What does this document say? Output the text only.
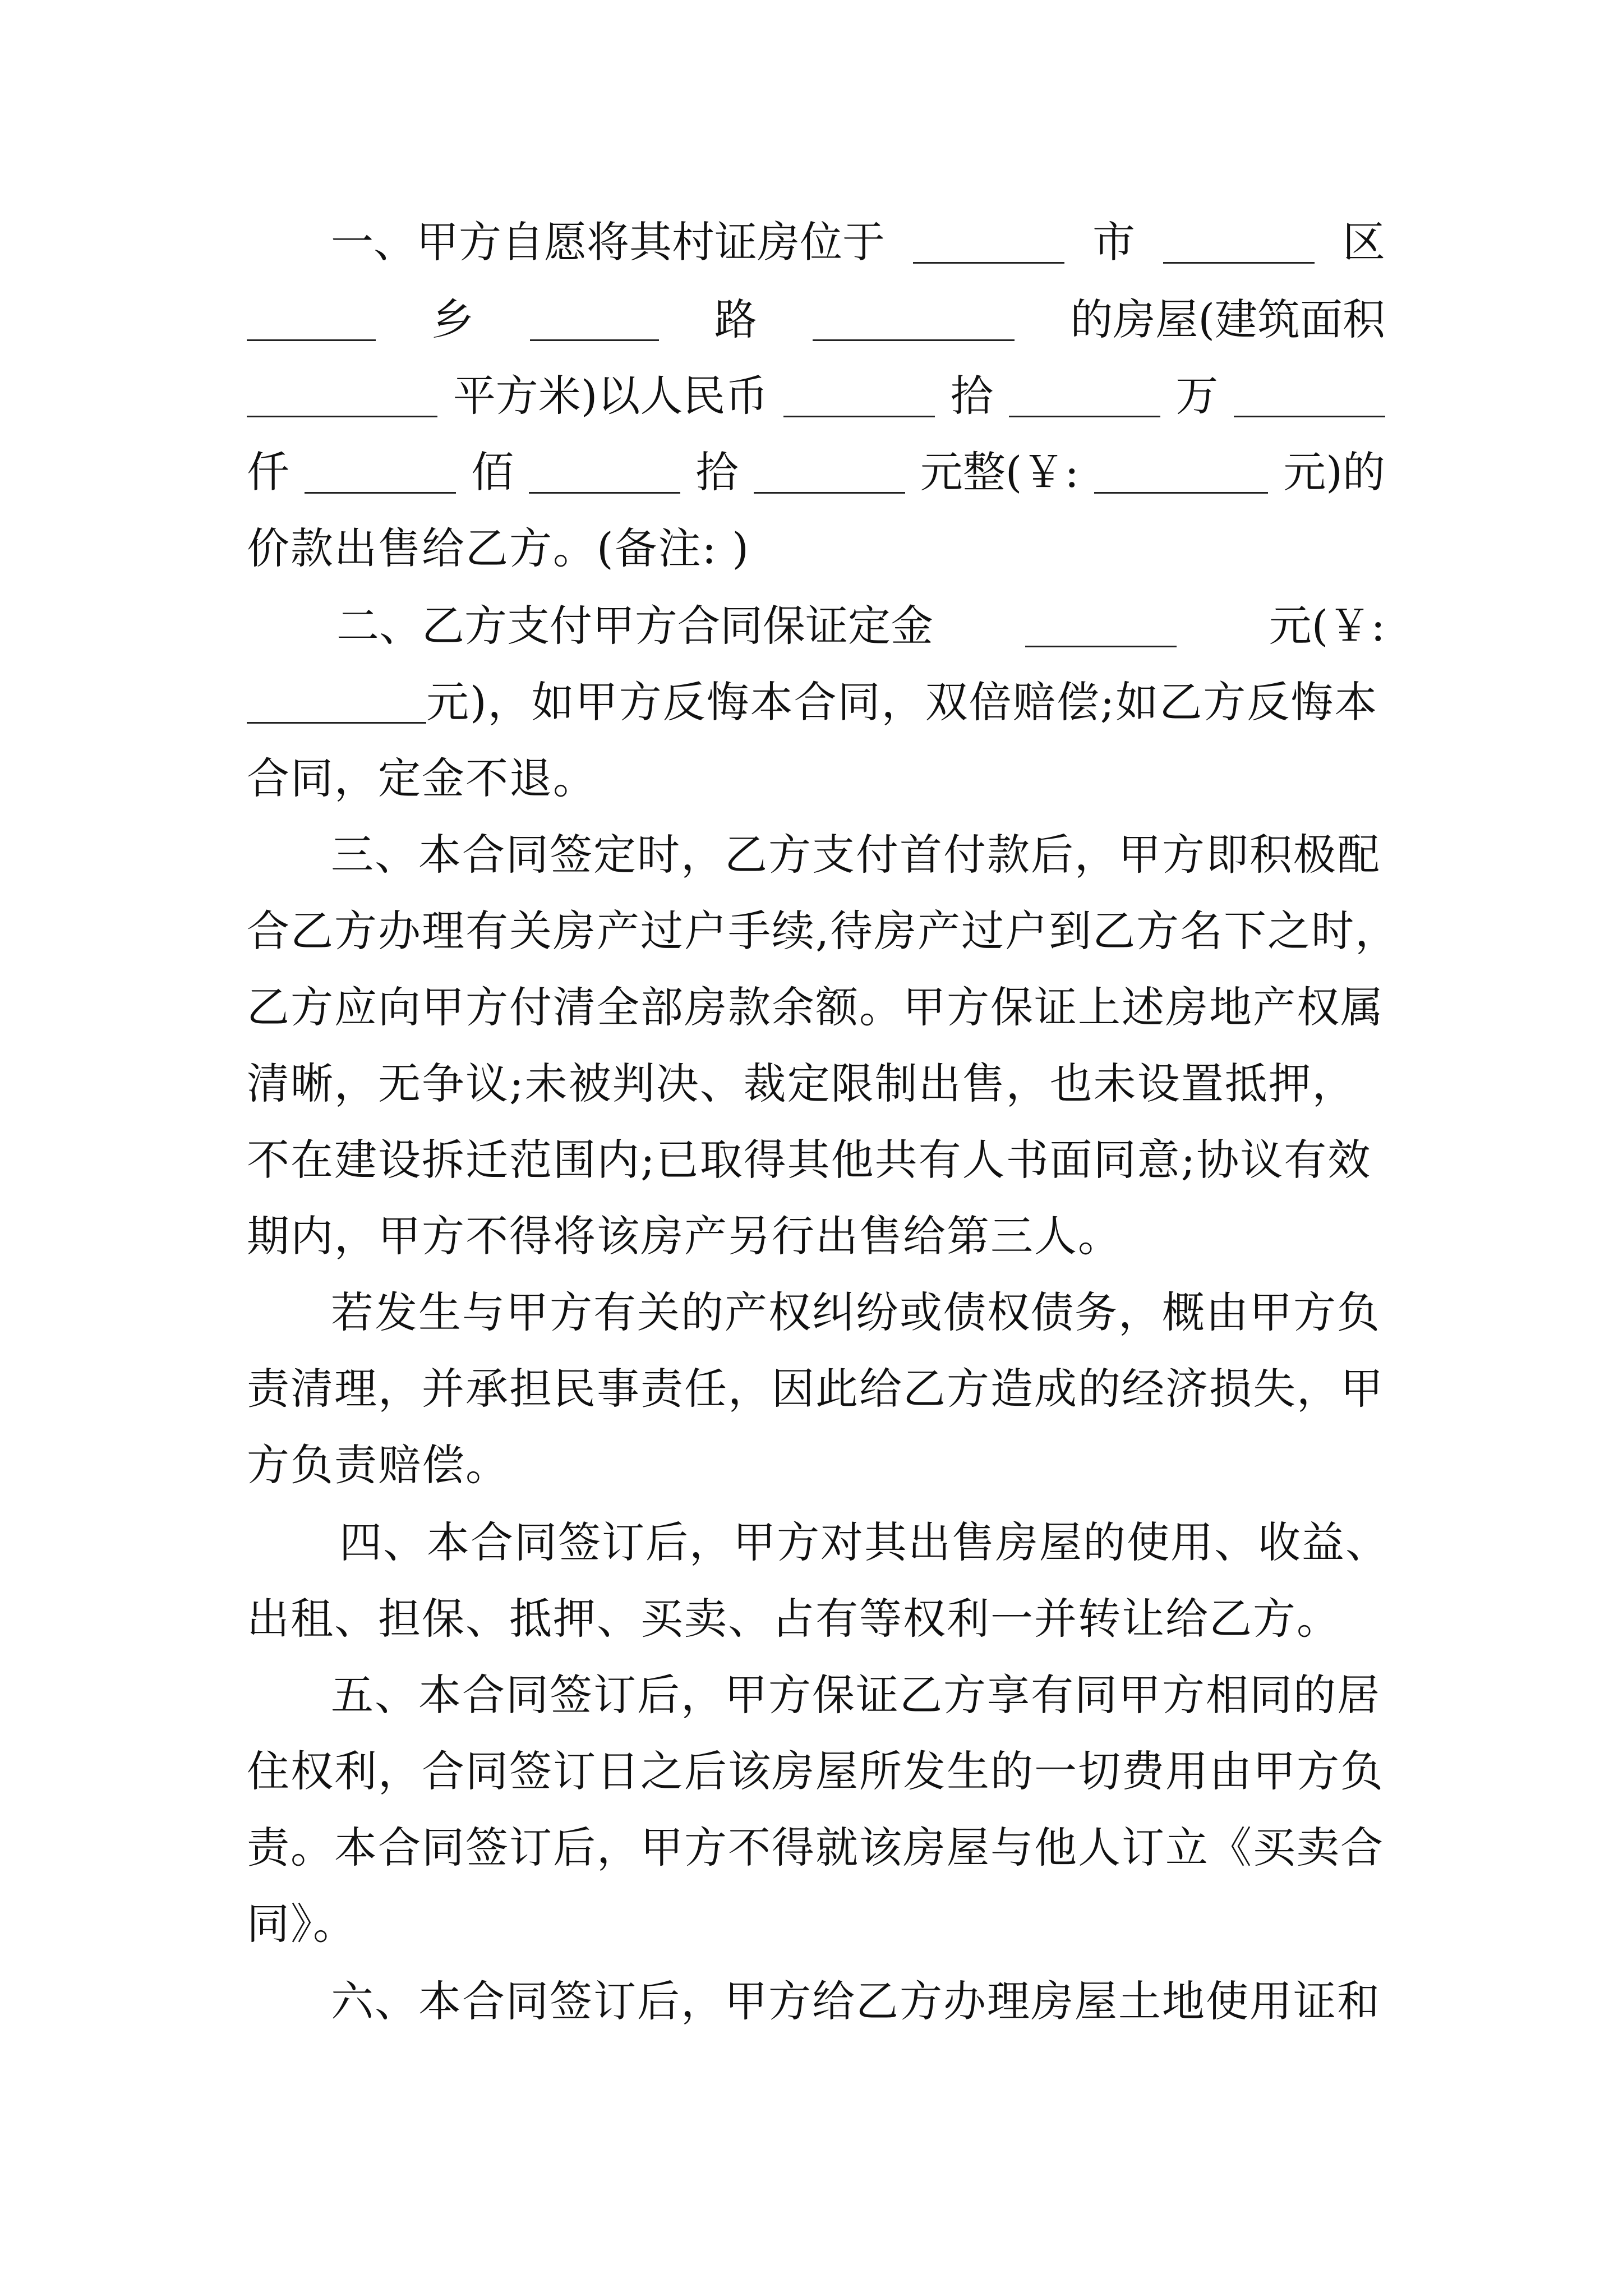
一、甲方自愿将其村证房位于	市	区
乡	路	的房屋(建筑面积
平方米)以人民币	拾	万
仟	佰	拾	元整(￥:	元)的
价款出售给乙方。(备注: )
二、乙方支付甲方合同保证定金	元(￥:
元)，如甲方反悔本合同，双倍赔偿;如乙方反悔本
合同，定金不退。
三、本合同签定时，乙方支付首付款后，甲方即积极配
合乙方办理有关房产过户手续,待房产过户到乙方名下之时，
乙方应向甲方付清全部房款余额。甲方保证上述房地产权属
清晰，无争议;未被判决、裁定限制出售，也未设置抵押，
不在建设拆迁范围内;已取得其他共有人书面同意;协议有效
期内，甲方不得将该房产另行出售给第三人。
若发生与甲方有关的产权纠纷或债权债务，概由甲方负
责清理，并承担民事责任，因此给乙方造成的经济损失，甲
方负责赔偿。
四、本合同签订后，甲方对其出售房屋的使用、收益、
出租、担保、抵押、买卖、占有等权利一并转让给乙方。
五、本合同签订后，甲方保证乙方享有同甲方相同的居
住权利，合同签订日之后该房屋所发生的一切费用由甲方负
责。本合同签订后，甲方不得就该房屋与他人订立《买卖合
同》。
六、本合同签订后，甲方给乙方办理房屋土地使用证和
